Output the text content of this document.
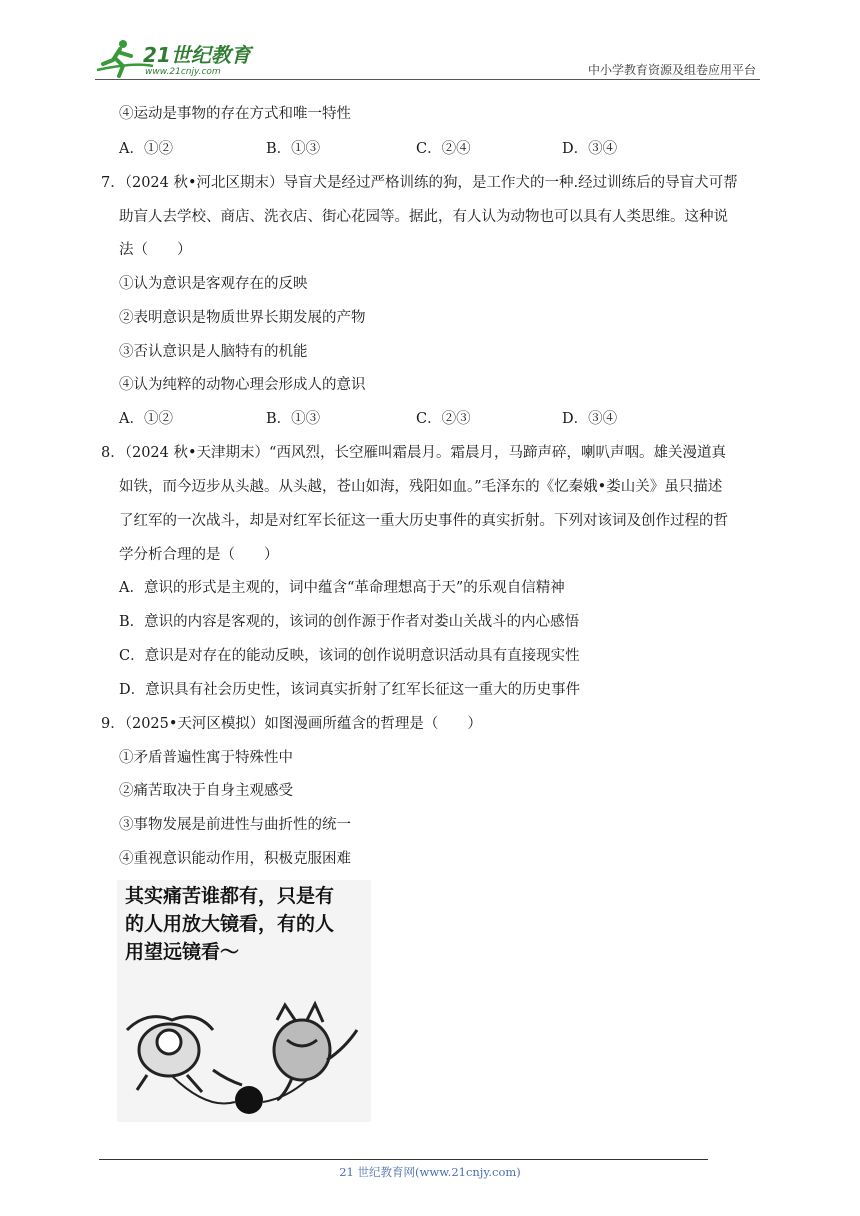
21世纪教育
www.21cnjy.com	中小学教育资源及组卷应用平台
④运动是事物的存在方式和唯一特性
A．①②	B．①③	C．②④	D．③④
7．（2024 秋•河北区期末）导盲犬是经过严格训练的狗，是工作犬的一种.经过训练后的导盲犬可帮
助盲人去学校、商店、洗衣店、街心花园等。据此，有人认为动物也可以具有人类思维。这种说
法（　　）
①认为意识是客观存在的反映
②表明意识是物质世界长期发展的产物
③否认意识是人脑特有的机能
④认为纯粹的动物心理会形成人的意识
A．①②	B．①③	C．②③	D．③④
8．（2024 秋•天津期末）“西风烈，长空雁叫霜晨月。霜晨月，马蹄声碎，喇叭声咽。雄关漫道真
如铁，而今迈步从头越。从头越，苍山如海，残阳如血。”毛泽东的《忆秦娥•娄山关》虽只描述
了红军的一次战斗，却是对红军长征这一重大历史事件的真实折射。下列对该词及创作过程的哲
学分析合理的是（　　）
A．意识的形式是主观的，词中蕴含“革命理想高于天”的乐观自信精神
B．意识的内容是客观的，该词的创作源于作者对娄山关战斗的内心感悟
C．意识是对存在的能动反映，该词的创作说明意识活动具有直接现实性
D．意识具有社会历史性，该词真实折射了红军长征这一重大的历史事件
9．（2025•天河区模拟）如图漫画所蕴含的哲理是（　　）
①矛盾普遍性寓于特殊性中
②痛苦取决于自身主观感受
③事物发展是前进性与曲折性的统一
④重视意识能动作用，积极克服困难
其实痛苦谁都有，只是有
的人用放大镜看，有的人
用望远镜看～
21 世纪教育网(www.21cnjy.com)
